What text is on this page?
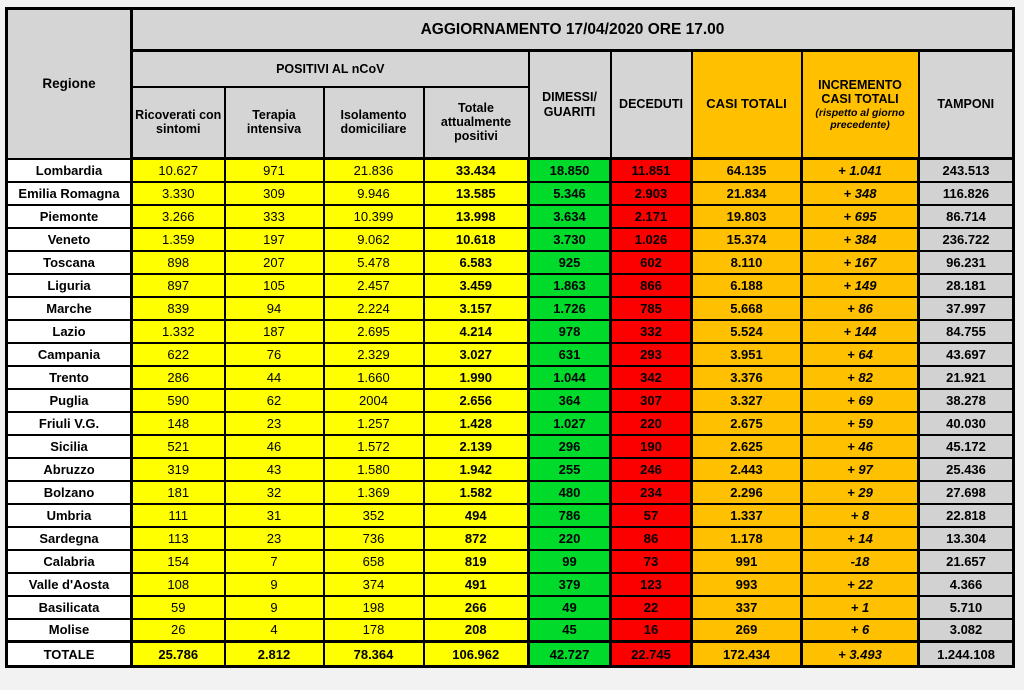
Regione	AGGIORNAMENTO 17/04/2020 ORE 17.00								
	POSITIVI AL nCoV				DIMESSI/ GUARITI	DECEDUTI	CASI TOTALI	INCREMENTO
CASI TOTALI
(rispetto al giorno precedente)	TAMPONI
	Ricoverati con sintomi	Terapia intensiva	Isolamento domiciliare	Totale attualmente positivi					
Lombardia	10.627	971	21.836	33.434	18.850	11.851	64.135	+ 1.041	243.513
Emilia Romagna	3.330	309	9.946	13.585	5.346	2.903	21.834	+ 348	116.826
Piemonte	3.266	333	10.399	13.998	3.634	2.171	19.803	+ 695	86.714
Veneto	1.359	197	9.062	10.618	3.730	1.026	15.374	+ 384	236.722
Toscana	898	207	5.478	6.583	925	602	8.110	+ 167	96.231
Liguria	897	105	2.457	3.459	1.863	866	6.188	+ 149	28.181
Marche	839	94	2.224	3.157	1.726	785	5.668	+ 86	37.997
Lazio	1.332	187	2.695	4.214	978	332	5.524	+ 144	84.755
Campania	622	76	2.329	3.027	631	293	3.951	+ 64	43.697
Trento	286	44	1.660	1.990	1.044	342	3.376	+ 82	21.921
Puglia	590	62	2004	2.656	364	307	3.327	+ 69	38.278
Friuli V.G.	148	23	1.257	1.428	1.027	220	2.675	+ 59	40.030
Sicilia	521	46	1.572	2.139	296	190	2.625	+ 46	45.172
Abruzzo	319	43	1.580	1.942	255	246	2.443	+ 97	25.436
Bolzano	181	32	1.369	1.582	480	234	2.296	+ 29	27.698
Umbria	111	31	352	494	786	57	1.337	+ 8	22.818
Sardegna	113	23	736	872	220	86	1.178	+ 14	13.304
Calabria	154	7	658	819	99	73	991	-18	21.657
Valle d'Aosta	108	9	374	491	379	123	993	+ 22	4.366
Basilicata	59	9	198	266	49	22	337	+ 1	5.710
Molise	26	4	178	208	45	16	269	+ 6	3.082
TOTALE	25.786	2.812	78.364	106.962	42.727	22.745	172.434	+ 3.493	1.244.108
